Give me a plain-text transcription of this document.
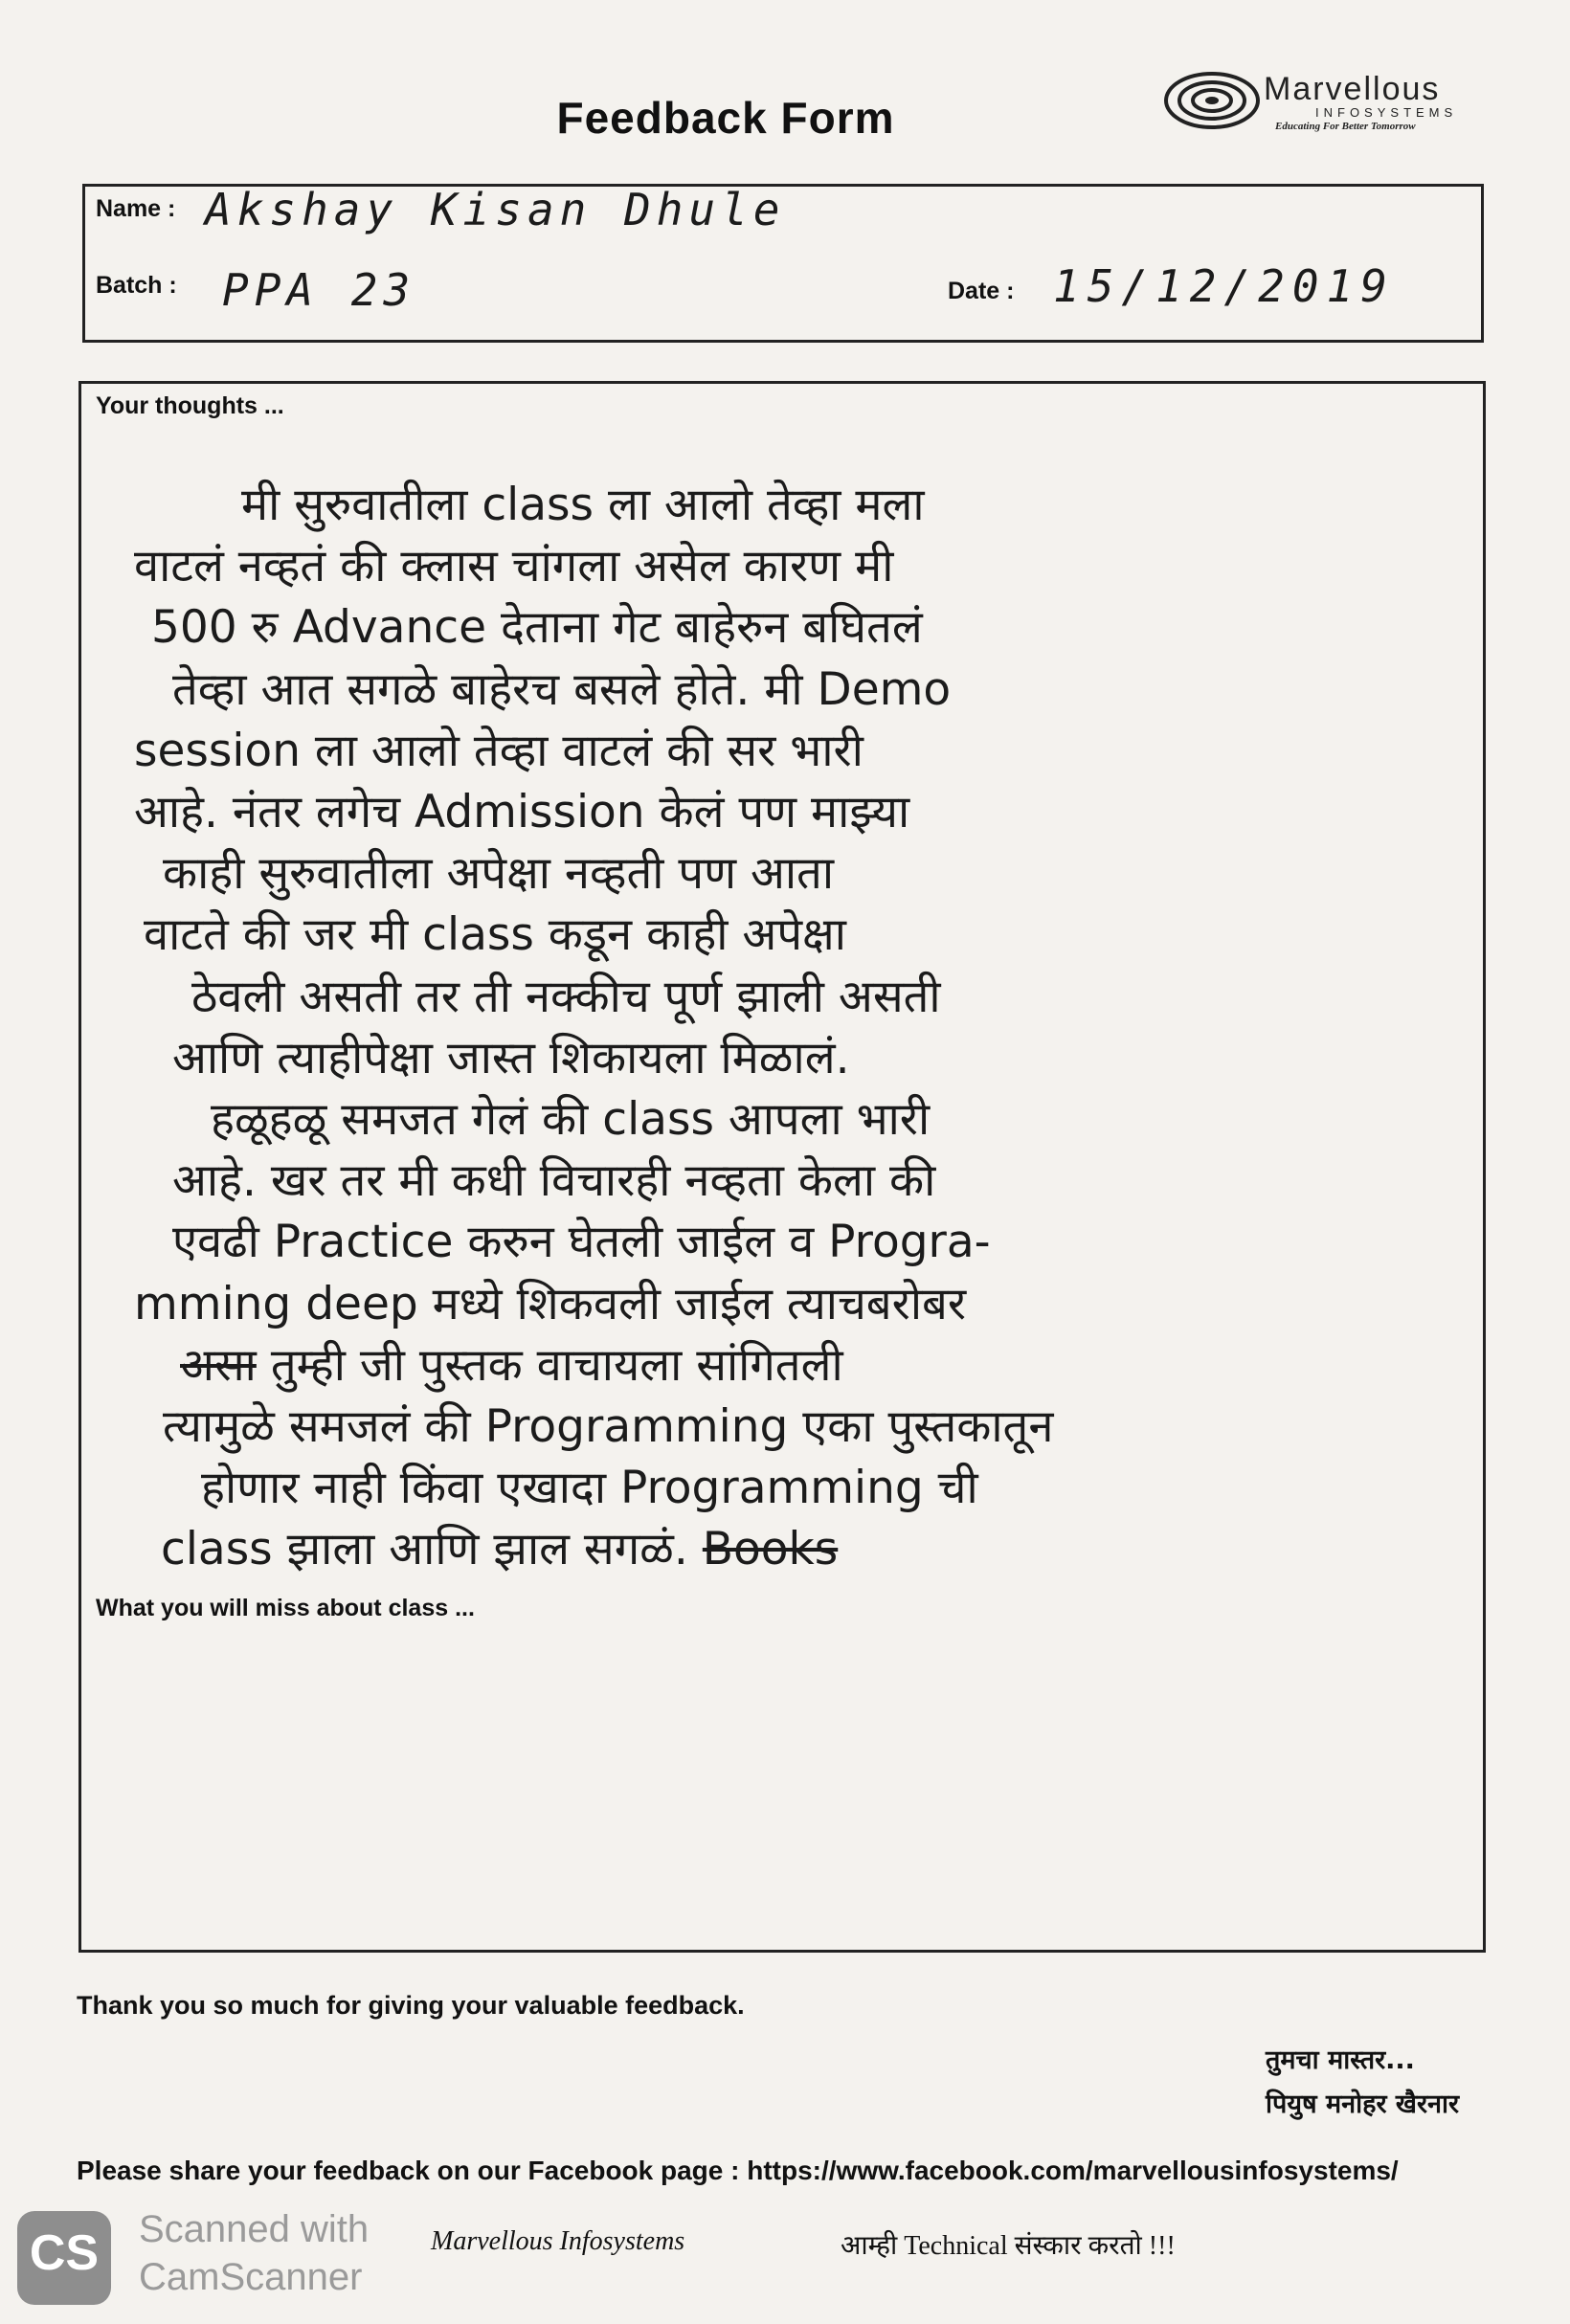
Feedback Form
Marvellous
INFOSYSTEMS
Educating For Better Tomorrow
Name : Akshay Kisan Dhule
Batch : PPA 23	Date : 15/12/2019
Your thoughts ...
मी सुरुवातीला class ला आलो तेव्हा मला
वाटलं नव्हतं की क्लास चांगला असेल कारण मी
500 रु Advance देताना गेट बाहेरुन बघितलं
तेव्हा आत सगळे बाहेरच बसले होते. मी Demo
session ला आलो तेव्हा वाटलं की सर भारी
आहे. नंतर लगेच Admission केलं पण माझ्या
काही सुरुवातीला अपेक्षा नव्हती पण आता
वाटते की जर मी class कडून काही अपेक्षा
ठेवली असती तर ती नक्कीच पूर्ण झाली असती
आणि त्याहीपेक्षा जास्त शिकायला मिळालं.
हळूहळू समजत गेलं की class आपला भारी
आहे. खर तर मी कधी विचारही नव्हता केला की
एवढी Practice करुन घेतली जाईल व Progra-
mming deep मध्ये शिकवली जाईल त्याचबरोबर
असा तुम्ही जी पुस्तक वाचायला सांगितली
त्यामुळे समजलं की Programming एका पुस्तकातून
होणार नाही किंवा एखादा Programming ची
class झाला आणि झाल सगळं. Books
What you will miss about class ...
Thank you so much for giving your valuable feedback.
तुमचा मास्तर...
पियुष मनोहर खैरनार
Please share your feedback on our Facebook page : https://www.facebook.com/marvellousinfosystems/
Marvellous Infosystems	आम्ही Technical संस्कार करतो !!!
CS	Scanned with
CamScanner
